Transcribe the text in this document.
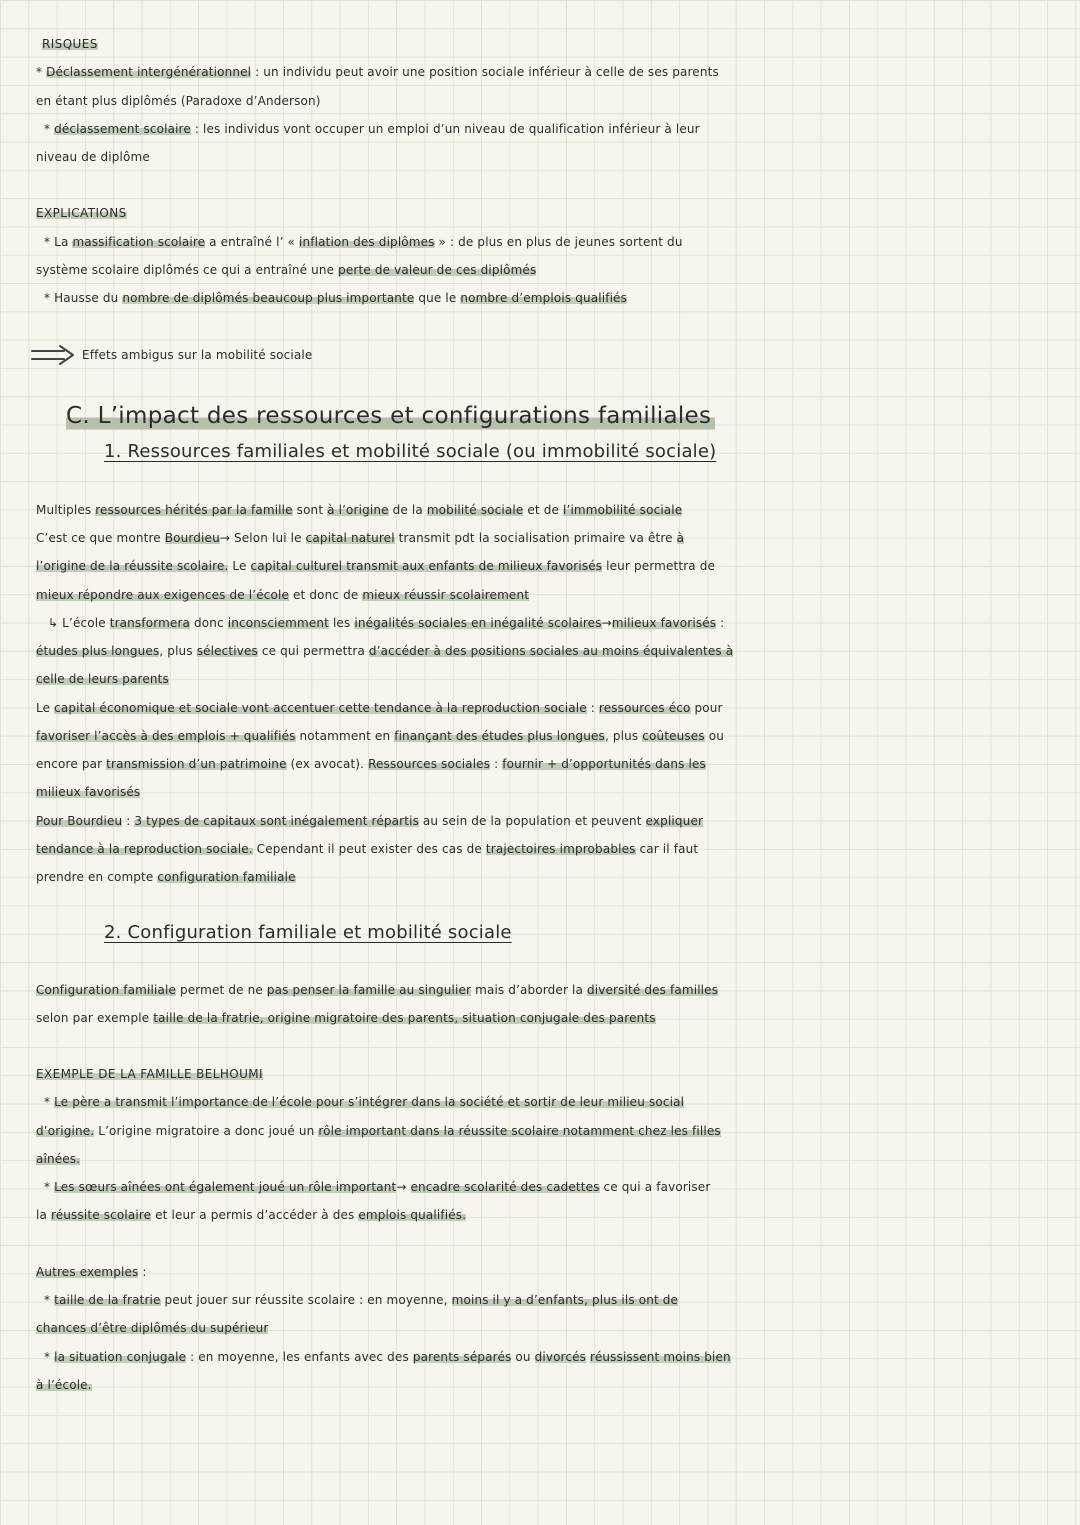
RISQUES
* Déclassement intergénérationnel : un individu peut avoir une position sociale inférieur à celle de ses parents
en étant plus diplômés (Paradoxe d’Anderson)
* déclassement scolaire : les individus vont occuper un emploi d’un niveau de qualification inférieur à leur
niveau de diplôme
EXPLICATIONS
* La massification scolaire a entraîné l’ « inflation des diplômes » : de plus en plus de jeunes sortent du
système scolaire diplômés ce qui a entraîné une perte de valeur de ces diplômés
* Hausse du nombre de diplômés beaucoup plus importante que le nombre d’emplois qualifiés
Effets ambigus sur la mobilité sociale
C. L’impact des ressources et configurations familiales
1. Ressources familiales et mobilité sociale (ou immobilité sociale)
Multiples ressources hérités par la famille sont à l’origine de la mobilité sociale et de l’immobilité sociale
C’est ce que montre Bourdieu→ Selon lui le capital naturel transmit pdt la socialisation primaire va être à
l’origine de la réussite scolaire. Le capital culturel transmit aux enfants de milieux favorisés leur permettra de
mieux répondre aux exigences de l’école et donc de mieux réussir scolairement
↳ L’école transformera donc inconsciemment les inégalités sociales en inégalité scolaires→milieux favorisés :
études plus longues, plus sélectives ce qui permettra d’accéder à des positions sociales au moins équivalentes à
celle de leurs parents
Le capital économique et sociale vont accentuer cette tendance à la reproduction sociale : ressources éco pour
favoriser l’accès à des emplois + qualifiés notamment en finançant des études plus longues, plus coûteuses ou
encore par transmission d’un patrimoine (ex avocat). Ressources sociales : fournir + d’opportunités dans les
milieux favorisés
Pour Bourdieu : 3 types de capitaux sont inégalement répartis au sein de la population et peuvent expliquer
tendance à la reproduction sociale. Cependant il peut exister des cas de trajectoires improbables car il faut
prendre en compte configuration familiale
2. Configuration familiale et mobilité sociale
Configuration familiale permet de ne pas penser la famille au singulier mais d’aborder la diversité des familles
selon par exemple taille de la fratrie, origine migratoire des parents, situation conjugale des parents
EXEMPLE DE LA FAMILLE BELHOUMI
* Le père a transmit l’importance de l’école pour s’intégrer dans la société et sortir de leur milieu social
d’origine. L’origine migratoire a donc joué un rôle important dans la réussite scolaire notamment chez les filles
aînées.
* Les sœurs aînées ont également joué un rôle important→ encadre scolarité des cadettes ce qui a favoriser
la réussite scolaire et leur a permis d’accéder à des emplois qualifiés.
Autres exemples :
* taille de la fratrie peut jouer sur réussite scolaire : en moyenne, moins il y a d’enfants, plus ils ont de
chances d’être diplômés du supérieur
* la situation conjugale : en moyenne, les enfants avec des parents séparés ou divorcés réussissent moins bien
à l’école.
